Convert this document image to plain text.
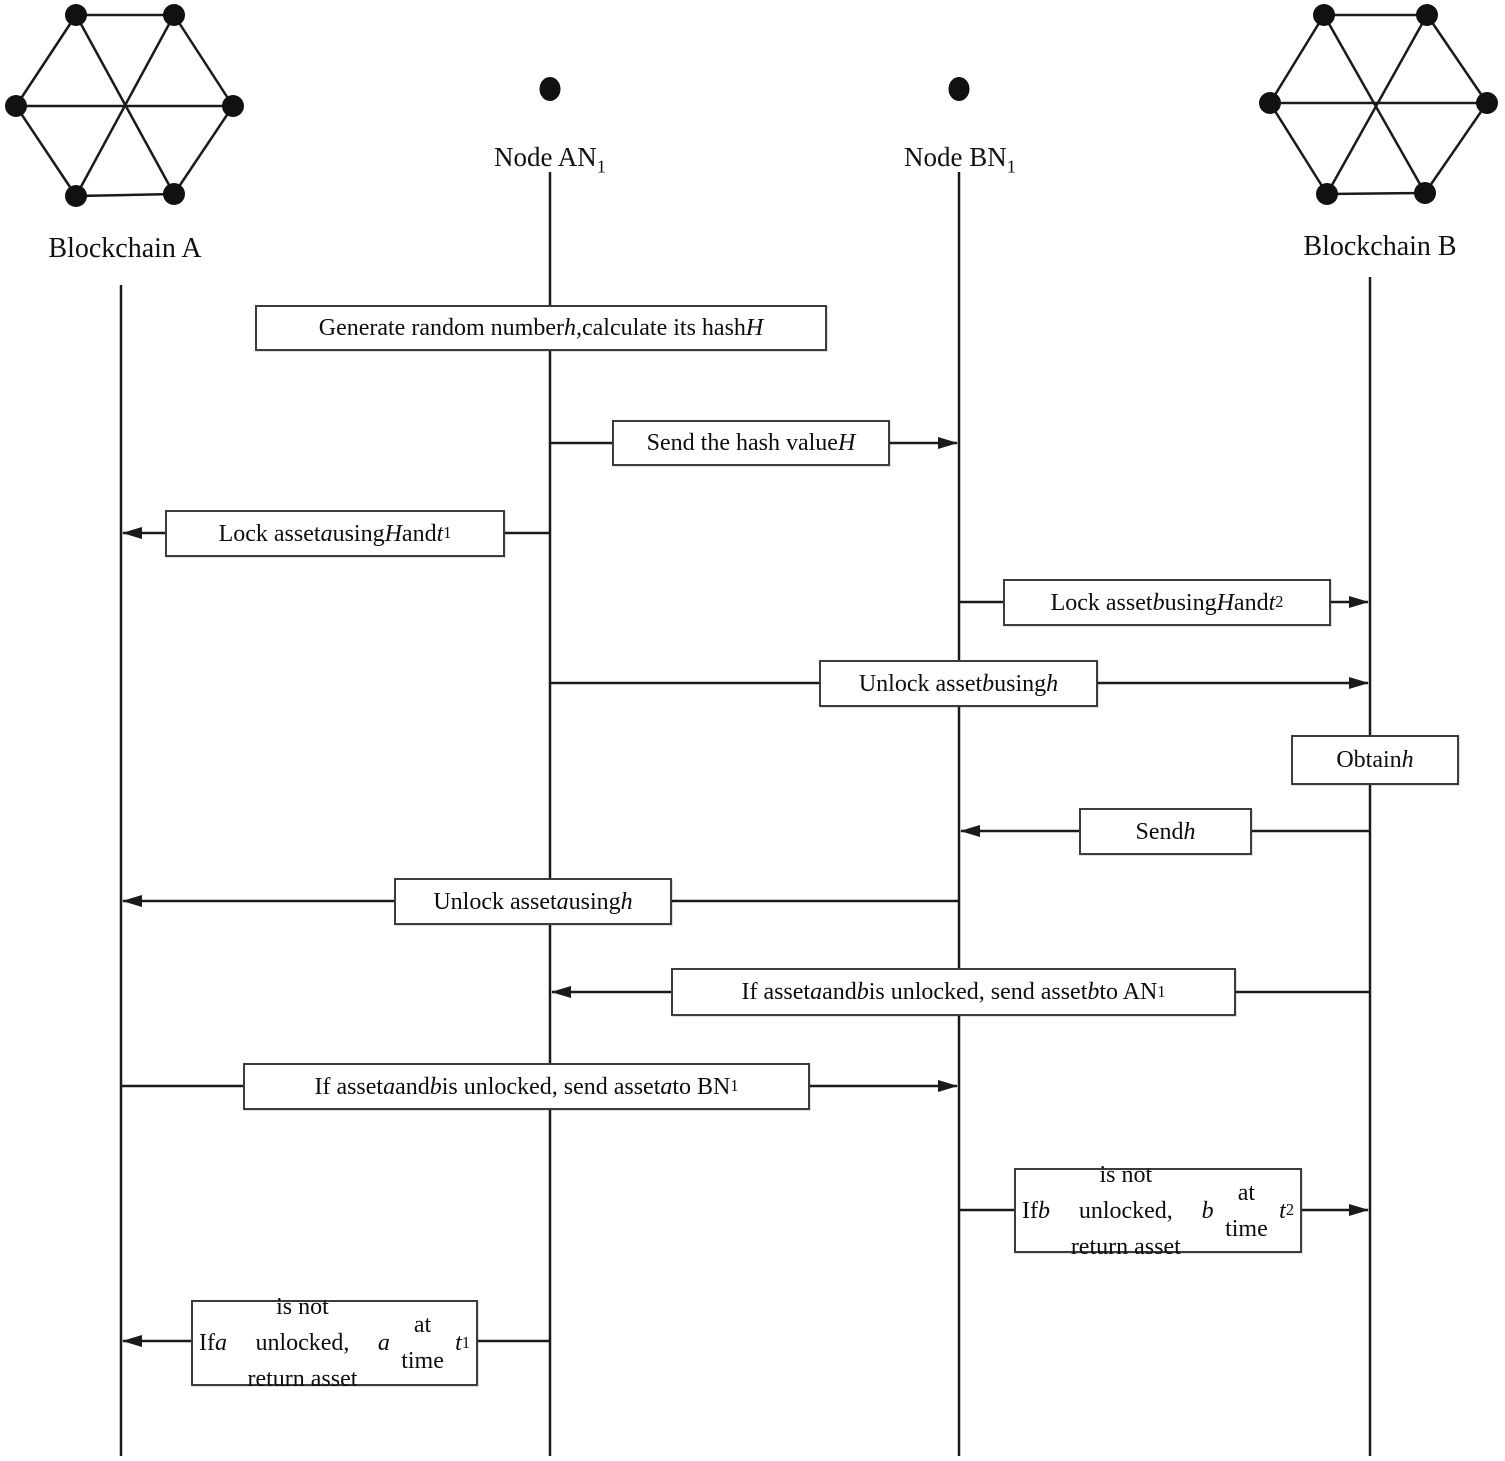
Blockchain A
Node $AN_1$	Node $BN_1$
Blockchain B
Generate random number h, calculate its hash H
Send the hash value H
Lock asset a using H and t 1
Lock asset b using H and t 2
Unlock asset b using h
Obtain h
Send h
Unlock asset a using h
If asset a and b is unlocked, send asset b to AN 1
If asset a and b is unlocked, send asset a to BN 1
If b
is not unlocked,
return asset
b
at time
t 2
If a
is not unlocked,
return asset
a
at time
t 1
